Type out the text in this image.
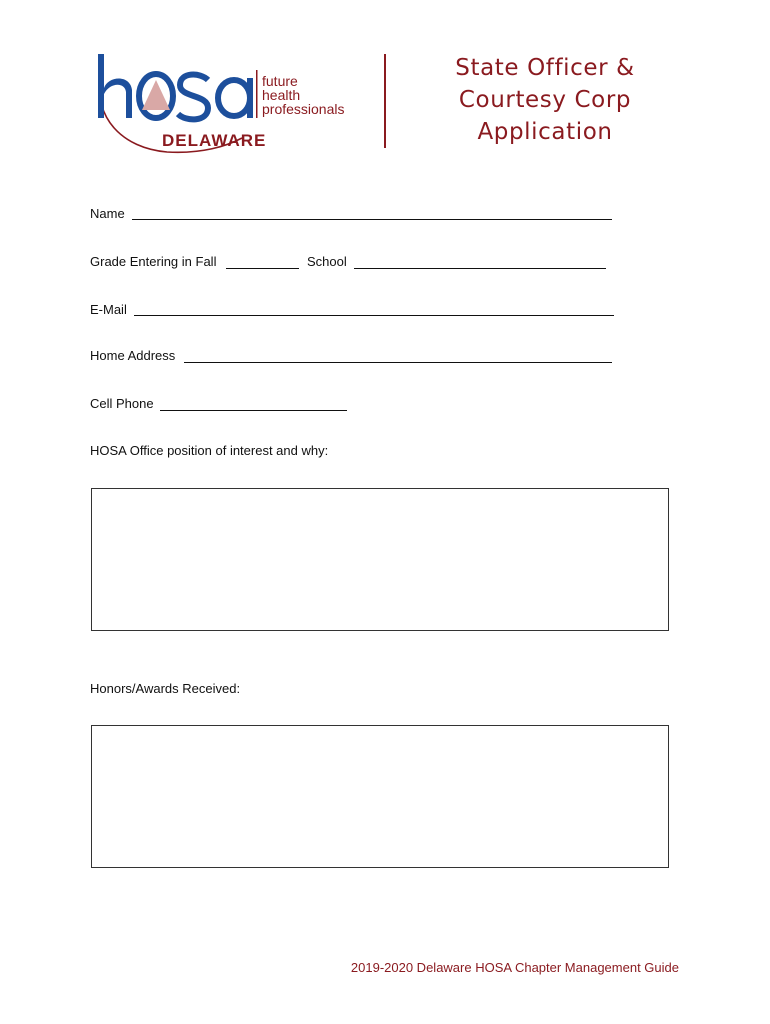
future
health
professionals
DELAWARE
State Officer &
Courtesy Corp
Application
Name
Grade Entering in Fall	School
E-Mail
Home Address
Cell Phone
HOSA Office position of interest and why:
Honors/Awards Received:
2019-2020 Delaware HOSA Chapter Management Guide
